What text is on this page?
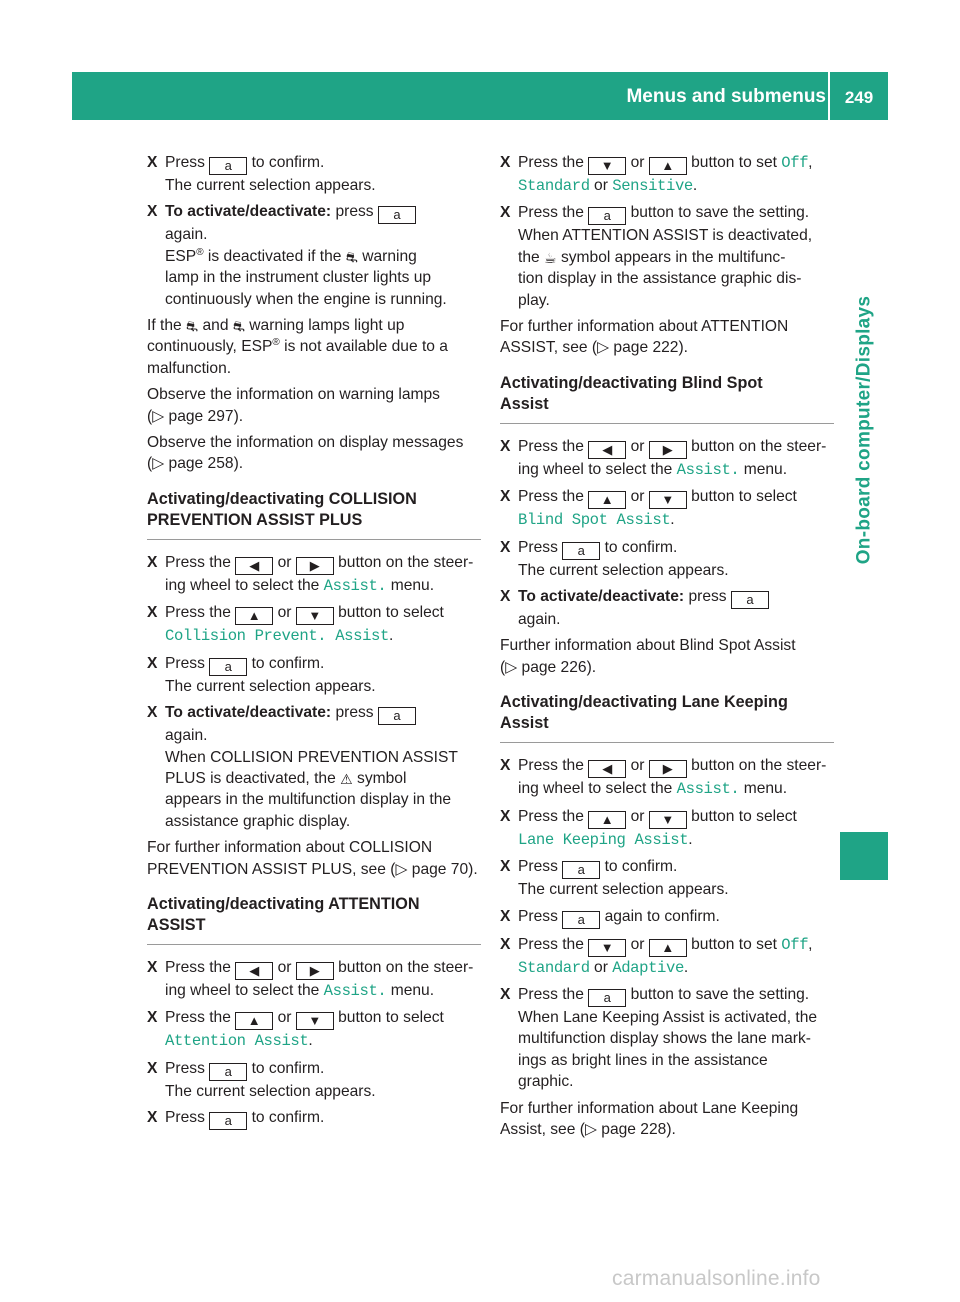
Menus and submenus	249
On-board computer/Displays
X Press a to confirm.
The current selection appears.
X To activate/deactivate: press a
again.
ESP® is deactivated if the ⛐ warning
lamp in the instrument cluster lights up
continuously when the engine is running.

If the ⛐ and ⛐ warning lamps light up
continuously, ESP® is not available due to a
malfunction.

Observe the information on warning lamps
(▷ page 297).

Observe the information on display messages
(▷ page 258).

Activating/deactivating COLLISION
PREVENTION ASSIST PLUS
X Press the ◀ or ▶ button on the steer-
ing wheel to select the Assist. menu.
X Press the ▲ or ▼ button to select
Collision Prevent. Assist.
X Press a to confirm.
The current selection appears.
X To activate/deactivate: press a
again.
When COLLISION PREVENTION ASSIST
PLUS is deactivated, the ⚠ symbol
appears in the multifunction display in the
assistance graphic display.

For further information about COLLISION
PREVENTION ASSIST PLUS, see (▷ page 70).

Activating/deactivating ATTENTION
ASSIST
X Press the ◀ or ▶ button on the steer-
ing wheel to select the Assist. menu.
X Press the ▲ or ▼ button to select
Attention Assist.
X Press a to confirm.
The current selection appears.
X Press a to confirm.
X Press the ▼ or ▲ button to set Off,
Standard or Sensitive.
X Press the a button to save the setting.
When ATTENTION ASSIST is deactivated,
the ☕ symbol appears in the multifunc-
tion display in the assistance graphic dis-
play.

For further information about ATTENTION
ASSIST, see (▷ page 222).

Activating/deactivating Blind Spot
Assist
X Press the ◀ or ▶ button on the steer-
ing wheel to select the Assist. menu.
X Press the ▲ or ▼ button to select
Blind Spot Assist.
X Press a to confirm.
The current selection appears.
X To activate/deactivate: press a
again.

Further information about Blind Spot Assist
(▷ page 226).

Activating/deactivating Lane Keeping
Assist
X Press the ◀ or ▶ button on the steer-
ing wheel to select the Assist. menu.
X Press the ▲ or ▼ button to select
Lane Keeping Assist.
X Press a to confirm.
The current selection appears.
X Press a again to confirm.
X Press the ▼ or ▲ button to set Off,
Standard or Adaptive.
X Press the a button to save the setting.
When Lane Keeping Assist is activated, the
multifunction display shows the lane mark-
ings as bright lines in the assistance
graphic.

For further information about Lane Keeping
Assist, see (▷ page 228).

carmanualsonline.info
